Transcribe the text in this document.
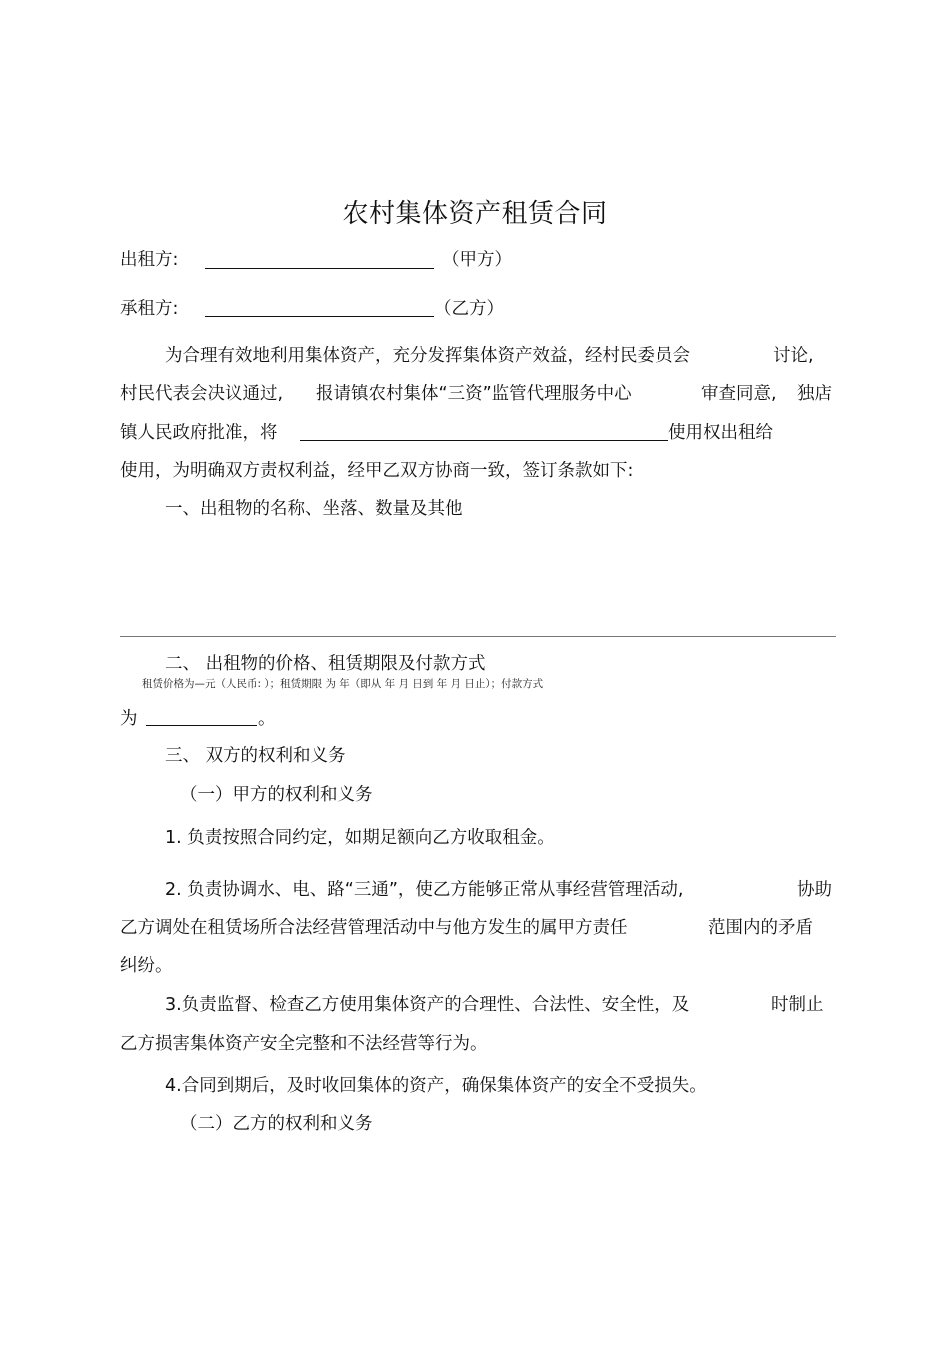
农村集体资产租赁合同
出租方:	（甲方）
承租方:	（乙方）
为合理有效地利用集体资产，充分发挥集体资产效益，经村民委员会	讨论,
村民代表会决议通过, 报请镇农村集体“三资”监管代理服务中心	审查同意, 独店
镇人民政府批准，将	使用权出租给
使用，为明确双方责权利益，经甲乙双方协商一致，签订条款如下:
一、出租物的名称、坐落、数量及其他
二、 出租物的价格、租赁期限及付款方式
租赁价格为—元（人民币: ）；租赁期限 为 年（即从 年 月 日到 年 月 日止）；付款方式
为	。
三、 双方的权利和义务
（一）甲方的权利和义务
1. 负责按照合同约定，如期足额向乙方收取租金。
2. 负责协调水、电、路“三通”，使乙方能够正常从事经营管理活动,	协助
乙方调处在租赁场所合法经营管理活动中与他方发生的属甲方责任	范围内的矛盾
纠纷。
3.负责监督、检查乙方使用集体资产的合理性、合法性、安全性，及	时制止
乙方损害集体资产安全完整和不法经营等行为。
4.合同到期后，及时收回集体的资产，确保集体资产的安全不受损失。
（二）乙方的权利和义务
